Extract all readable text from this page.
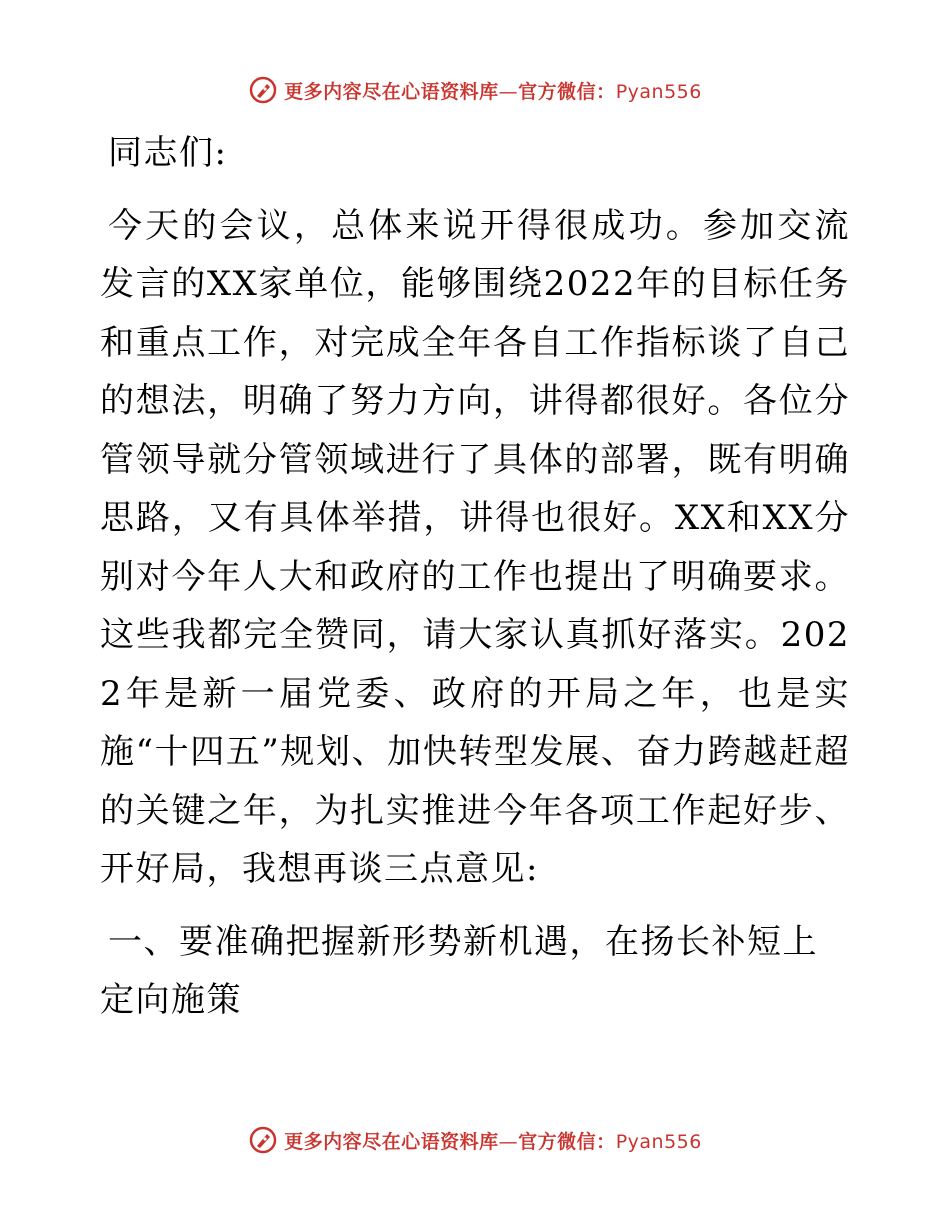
更多内容尽在心语资料库—官方微信：Pyan556

同志们:

今天的会议，总体来说开得很成功。参加交流发言的XX家单位，能够围绕2022年的目标任务和重点工作，对完成全年各自工作指标谈了自己的想法，明确了努力方向，讲得都很好。各位分管领导就分管领域进行了具体的部署，既有明确思路，又有具体举措，讲得也很好。XX和XX分别对今年人大和政府的工作也提出了明确要求。这些我都完全赞同，请大家认真抓好落实。2022年是新一届党委、政府的开局之年，也是实施“十四五”规划、加快转型发展、奋力跨越赶超的关键之年，为扎实推进今年各项工作起好步、开好局，我想再谈三点意见:

一、要准确把握新形势新机遇，在扬长补短上定向施策

更多内容尽在心语资料库—官方微信：Pyan556
